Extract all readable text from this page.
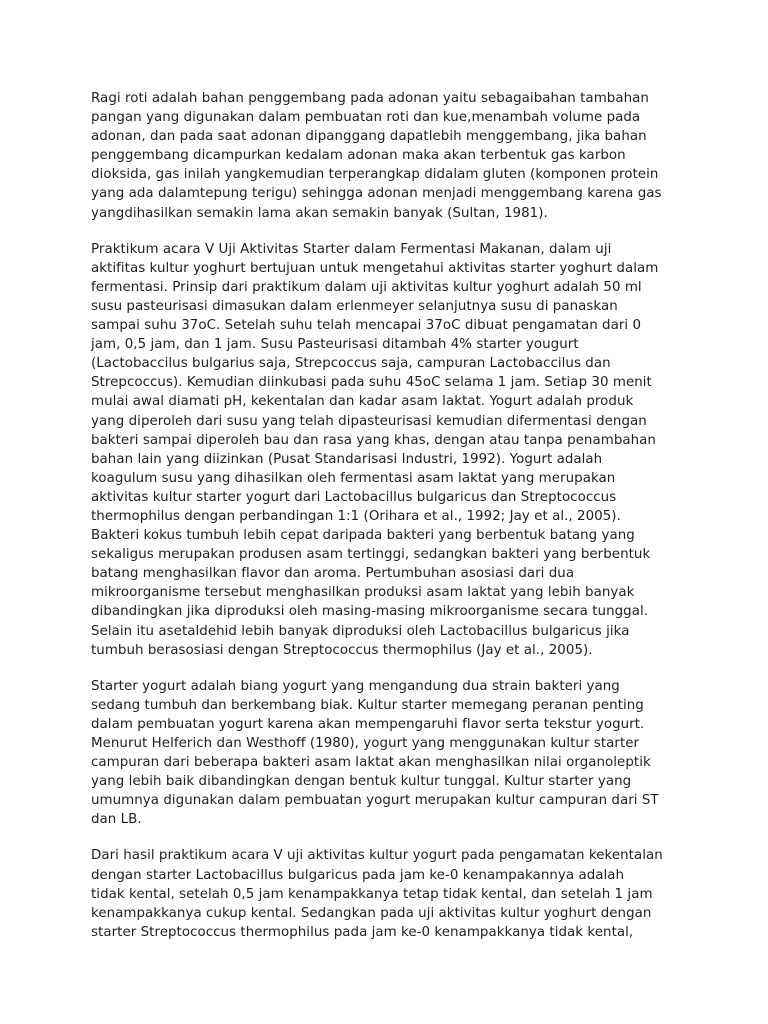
Ragi roti adalah bahan penggembang pada adonan yaitu sebagaibahan tambahan
pangan yang digunakan dalam pembuatan roti dan kue,menambah volume pada
adonan, dan pada saat adonan dipanggang dapatlebih menggembang, jika bahan
penggembang dicampurkan kedalam adonan maka akan terbentuk gas karbon
dioksida, gas inilah yangkemudian terperangkap didalam gluten (komponen protein
yang ada dalamtepung terigu) sehingga adonan menjadi menggembang karena gas
yangdihasilkan semakin lama akan semakin banyak (Sultan, 1981).

Praktikum acara V Uji Aktivitas Starter dalam Fermentasi Makanan, dalam uji
aktifitas kultur yoghurt bertujuan untuk mengetahui aktivitas starter yoghurt dalam
fermentasi. Prinsip dari praktikum dalam uji aktivitas kultur yoghurt adalah 50 ml
susu pasteurisasi dimasukan dalam erlenmeyer selanjutnya susu di panaskan
sampai suhu 37oC. Setelah suhu telah mencapai 37oC dibuat pengamatan dari 0
jam, 0,5 jam, dan 1 jam. Susu Pasteurisasi ditambah 4% starter yougurt
(Lactobaccilus bulgarius saja, Strepcoccus saja, campuran Lactobaccilus dan
Strepcoccus). Kemudian diinkubasi pada suhu 45oC selama 1 jam. Setiap 30 menit
mulai awal diamati pH, kekentalan dan kadar asam laktat. Yogurt adalah produk
yang diperoleh dari susu yang telah dipasteurisasi kemudian difermentasi dengan
bakteri sampai diperoleh bau dan rasa yang khas, dengan atau tanpa penambahan
bahan lain yang diizinkan (Pusat Standarisasi Industri, 1992). Yogurt adalah
koagulum susu yang dihasilkan oleh fermentasi asam laktat yang merupakan
aktivitas kultur starter yogurt dari Lactobacillus bulgaricus dan Streptococcus
thermophilus dengan perbandingan 1:1 (Orihara et al., 1992; Jay et al., 2005).
Bakteri kokus tumbuh lebih cepat daripada bakteri yang berbentuk batang yang
sekaligus merupakan produsen asam tertinggi, sedangkan bakteri yang berbentuk
batang menghasilkan flavor dan aroma. Pertumbuhan asosiasi dari dua
mikroorganisme tersebut menghasilkan produksi asam laktat yang lebih banyak
dibandingkan jika diproduksi oleh masing-masing mikroorganisme secara tunggal.
Selain itu asetaldehid lebih banyak diproduksi oleh Lactobacillus bulgaricus jika
tumbuh berasosiasi dengan Streptococcus thermophilus (Jay et al., 2005).

Starter yogurt adalah biang yogurt yang mengandung dua strain bakteri yang
sedang tumbuh dan berkembang biak. Kultur starter memegang peranan penting
dalam pembuatan yogurt karena akan mempengaruhi flavor serta tekstur yogurt.
Menurut Helferich dan Westhoff (1980), yogurt yang menggunakan kultur starter
campuran dari beberapa bakteri asam laktat akan menghasilkan nilai organoleptik
yang lebih baik dibandingkan dengan bentuk kultur tunggal. Kultur starter yang
umumnya digunakan dalam pembuatan yogurt merupakan kultur campuran dari ST
dan LB.

Dari hasil praktikum acara V uji aktivitas kultur yogurt pada pengamatan kekentalan
dengan starter Lactobacillus bulgaricus pada jam ke-0 kenampakannya adalah
tidak kental, setelah 0,5 jam kenampakkanya tetap tidak kental, dan setelah 1 jam
kenampakkanya cukup kental. Sedangkan pada uji aktivitas kultur yoghurt dengan
starter Streptococcus thermophilus pada jam ke-0 kenampakkanya tidak kental,
